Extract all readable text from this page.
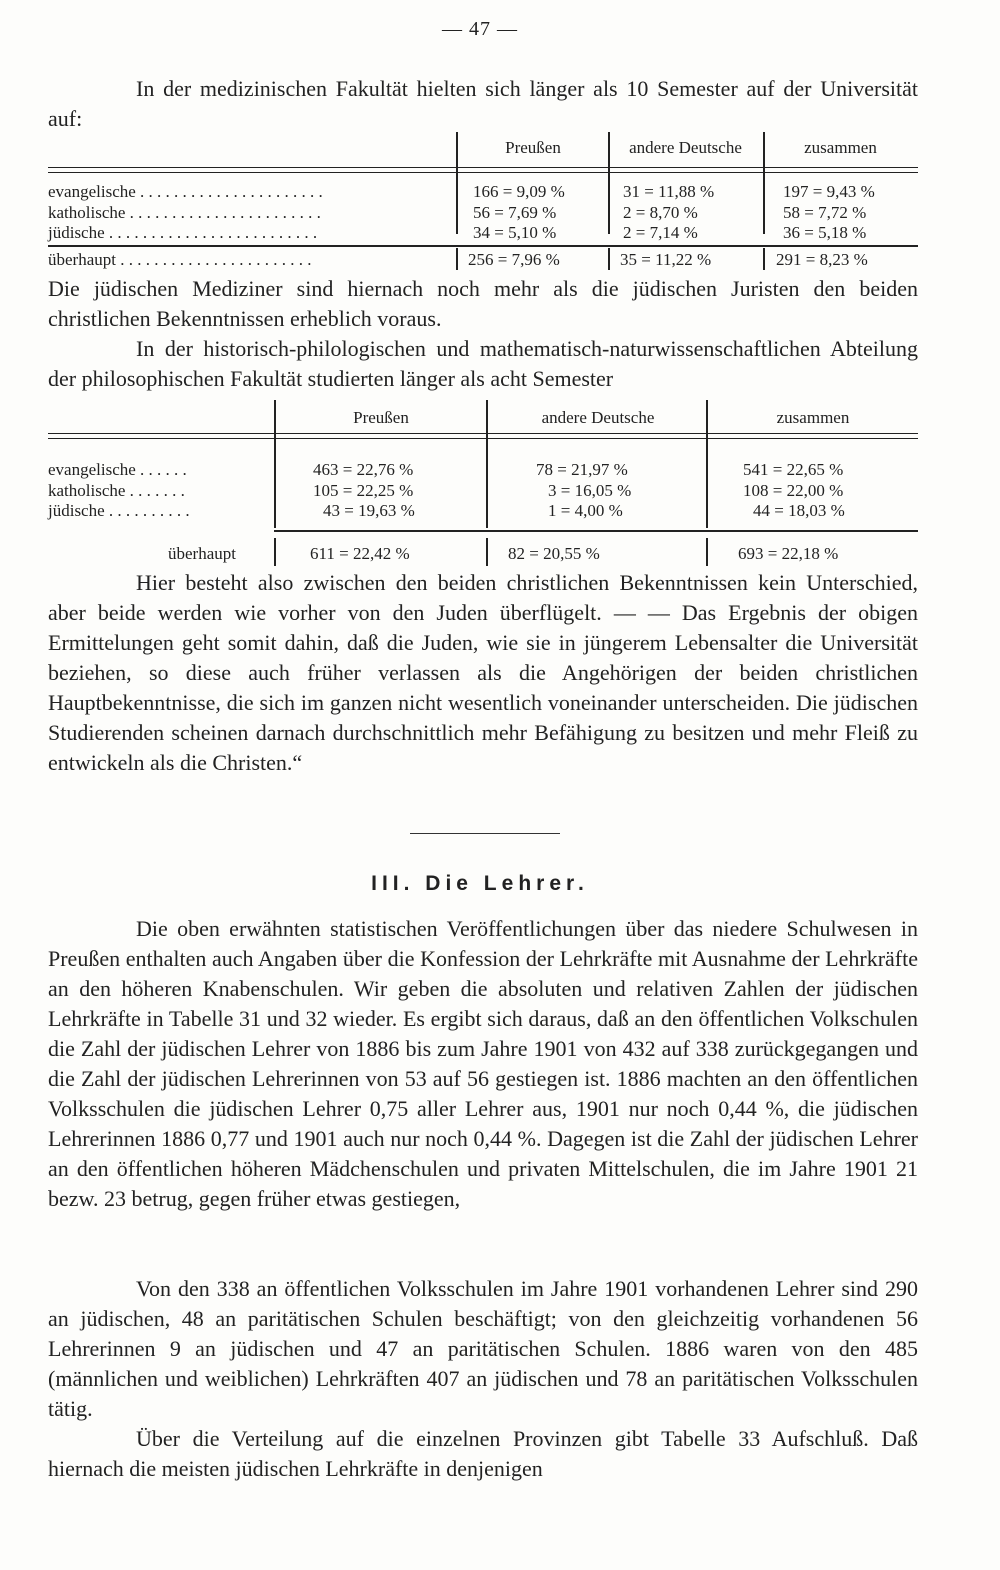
— 47 —

In der medizinischen Fakultät hielten sich länger als 10 Semester auf der Universität auf:

Preußen	andere Deutsche	zusammen
evangelische . . . . . . . . . . . . . . . . . . . . . .	166 = 9,09 %	31 = 11,88 %	197 = 9,43 %
katholische . . . . . . . . . . . . . . . . . . . . . . .	56 = 7,69 %	2 = 8,70 %	58 = 7,72 %
jüdische . . . . . . . . . . . . . . . . . . . . . . . . .	34 = 5,10 %	2 = 7,14 %	36 = 5,18 %
überhaupt . . . . . . . . . . . . . . . . . . . . . . .	256 = 7,96 %	35 = 11,22 %	291 = 8,23 %

Die jüdischen Mediziner sind hiernach noch mehr als die jüdischen Juristen den beiden christlichen Bekenntnissen erheblich voraus.

In der historisch-philologischen und mathematisch-naturwissenschaftlichen Abteilung der philosophischen Fakultät studierten länger als acht Semester

Preußen	andere Deutsche	zusammen
evangelische . . . . . .	463 = 22,76 %	78 = 21,97 %	541 = 22,65 %
katholische . . . . . . .	105 = 22,25 %	3 = 16,05 %	108 = 22,00 %
jüdische . . . . . . . . . .	43 = 19,63 %	1 = 4,00 %	44 = 18,03 %
überhaupt	611 = 22,42 %	82 = 20,55 %	693 = 22,18 %

Hier besteht also zwischen den beiden christlichen Bekenntnissen kein Unterschied, aber beide werden wie vorher von den Juden überflügelt. — — Das Ergebnis der obigen Ermittelungen geht somit dahin, daß die Juden, wie sie in jüngerem Lebensalter die Universität beziehen, so diese auch früher verlassen als die Angehörigen der beiden christlichen Hauptbekenntnisse, die sich im ganzen nicht wesentlich voneinander unterscheiden. Die jüdischen Studierenden scheinen darnach durchschnittlich mehr Befähigung zu besitzen und mehr Fleiß zu entwickeln als die Christen.“

III. Die Lehrer.

Die oben erwähnten statistischen Veröffentlichungen über das niedere Schulwesen in Preußen enthalten auch Angaben über die Konfession der Lehrkräfte mit Ausnahme der Lehrkräfte an den höheren Knabenschulen. Wir geben die absoluten und relativen Zahlen der jüdischen Lehrkräfte in Tabelle 31 und 32 wieder. Es ergibt sich daraus, daß an den öffentlichen Volkschulen die Zahl der jüdischen Lehrer von 1886 bis zum Jahre 1901 von 432 auf 338 zurückgegangen und die Zahl der jüdischen Lehrerinnen von 53 auf 56 gestiegen ist. 1886 machten an den öffentlichen Volksschulen die jüdischen Lehrer 0,75 aller Lehrer aus, 1901 nur noch 0,44 %, die jüdischen Lehrerinnen 1886 0,77 und 1901 auch nur noch 0,44 %. Dagegen ist die Zahl der jüdischen Lehrer an den öffentlichen höheren Mädchenschulen und privaten Mittelschulen, die im Jahre 1901 21 bezw. 23 betrug, gegen früher etwas gestiegen,

Von den 338 an öffentlichen Volksschulen im Jahre 1901 vorhandenen Lehrer sind 290 an jüdischen, 48 an paritätischen Schulen beschäftigt; von den gleichzeitig vorhandenen 56 Lehrerinnen 9 an jüdischen und 47 an paritätischen Schulen. 1886 waren von den 485 (männlichen und weiblichen) Lehrkräften 407 an jüdischen und 78 an paritätischen Volksschulen tätig.

Über die Verteilung auf die einzelnen Provinzen gibt Tabelle 33 Aufschluß. Daß hiernach die meisten jüdischen Lehrkräfte in denjenigen
